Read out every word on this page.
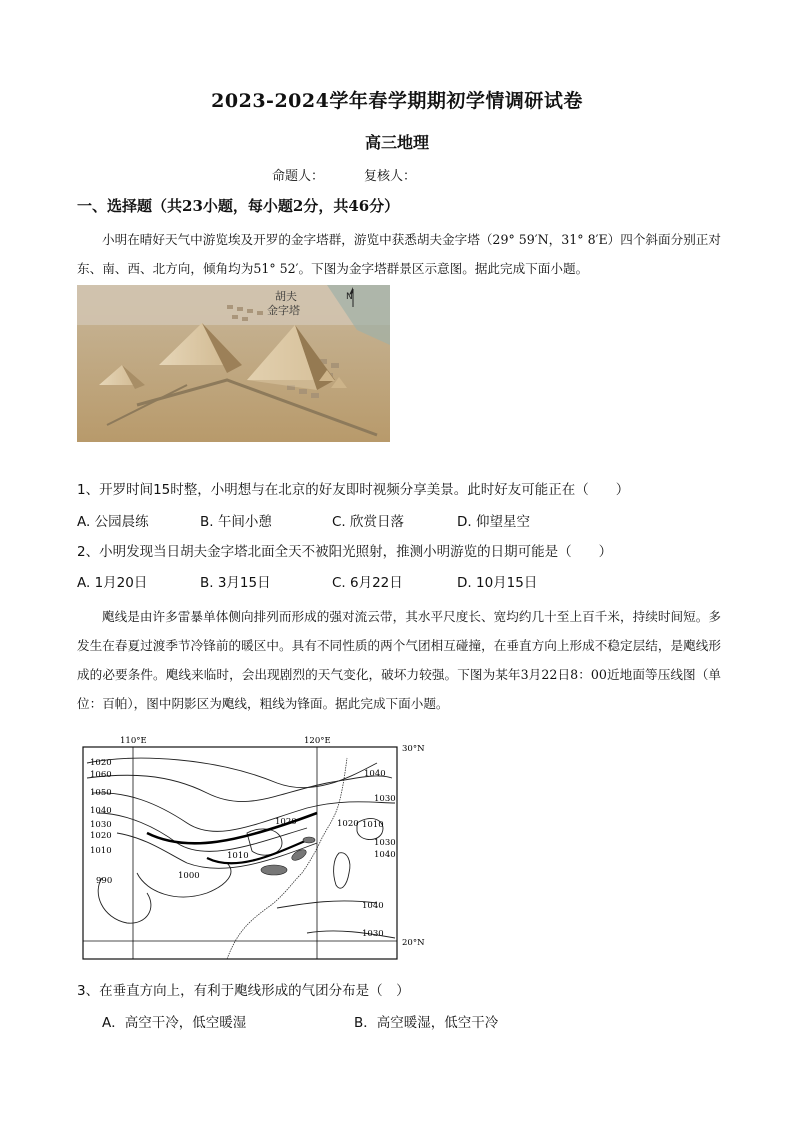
2023-2024学年春学期期初学情调研试卷
高三地理
命题人：	复核人：
一、选择题（共23小题，每小题2分，共46分）
小明在晴好天气中游览埃及开罗的金字塔群，游览中获悉胡夫金字塔（29° 59′N，31° 8′E）四个斜面分别正对东、南、西、北方向，倾角均为51° 52′。下图为金字塔群景区示意图。据此完成下面小题。
N
胡夫
金字塔
1、开罗时间15时整，小明想与在北京的好友即时视频分享美景。此时好友可能正在（　　）
A. 公园晨练	B. 午间小憩	C. 欣赏日落	D. 仰望星空
2、小明发现当日胡夫金字塔北面全天不被阳光照射，推测小明游览的日期可能是（　　）
A. 1月20日	B. 3月15日	C. 6月22日	D. 10月15日
飑线是由许多雷暴单体侧向排列而形成的强对流云带，其水平尺度长、宽均约几十至上百千米，持续时间短。多发生在春夏过渡季节冷锋前的暖区中。具有不同性质的两个气团相互碰撞，在垂直方向上形成不稳定层结，是飑线形成的必要条件。飑线来临时，会出现剧烈的天气变化，破坏力较强。下图为某年3月22日8：00近地面等压线图（单位：百帕），图中阴影区为飑线，粗线为锋面。据此完成下面小题。
110°E	120°E
30°N
20°N
1020
1060
1050
1040
1030
1020
1010
990	1000
1010
1020	1020 1010
1040
1030
1030
1040
1040
1030
3、在垂直方向上，有利于飑线形成的气团分布是（　）
A．高空干冷，低空暖湿	B．高空暖湿，低空干冷
